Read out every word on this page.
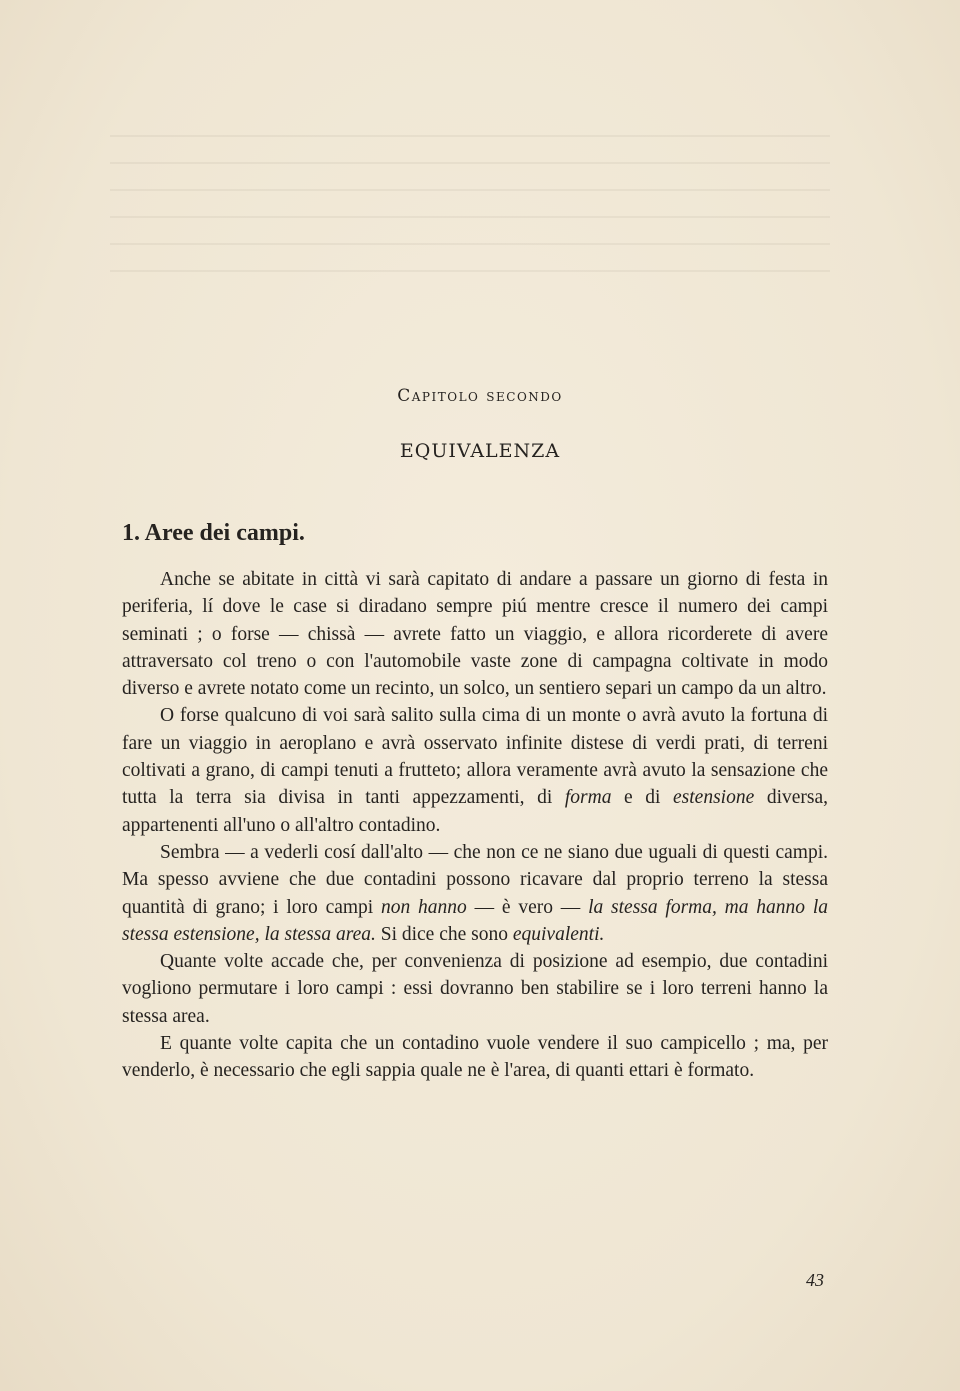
Capitolo secondo
EQUIVALENZA
1. Aree dei campi.

Anche se abitate in città vi sarà capitato di andare a passare un giorno di festa in periferia, lí dove le case si diradano sempre piú mentre cresce il numero dei campi seminati ; o forse — chissà — avrete fatto un viaggio, e allora ricorderete di avere attraversato col treno o con l'automobile vaste zone di campagna coltivate in modo diverso e avrete notato come un recinto, un solco, un sentiero separi un campo da un altro.

O forse qualcuno di voi sarà salito sulla cima di un monte o avrà avuto la fortuna di fare un viaggio in aeroplano e avrà osservato infinite distese di verdi prati, di terreni coltivati a grano, di campi tenuti a frutteto; allora veramente avrà avuto la sensazione che tutta la terra sia divisa in tanti appezzamenti, di forma e di estensione diversa, appartenenti all'uno o all'altro contadino.

Sembra — a vederli cosí dall'alto — che non ce ne siano due uguali di questi campi. Ma spesso avviene che due contadini possono ricavare dal proprio terreno la stessa quantità di grano; i loro campi non hanno — è vero — la stessa forma, ma hanno la stessa estensione, la stessa area. Si dice che sono equivalenti.

Quante volte accade che, per convenienza di posizione ad esempio, due contadini vogliono permutare i loro campi : essi dovranno ben stabilire se i loro terreni hanno la stessa area.

E quante volte capita che un contadino vuole vendere il suo campicello ; ma, per venderlo, è necessario che egli sappia quale ne è l'area, di quanti ettari è formato.

43
